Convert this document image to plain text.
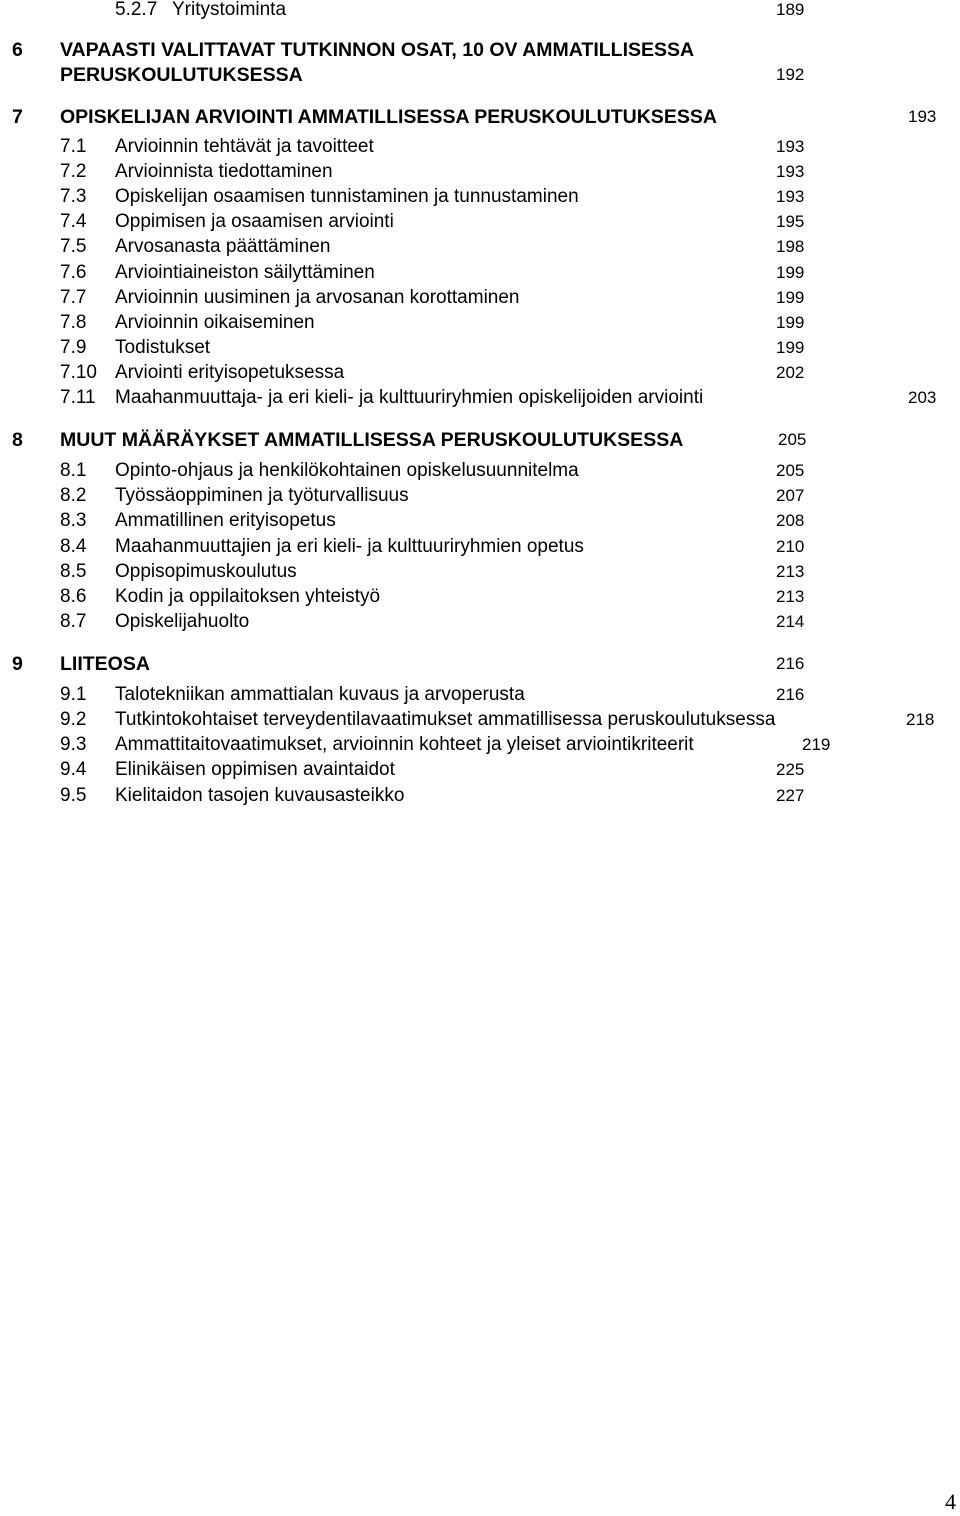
5.2.7 Yritystoiminta	189
6 VAPAASTI VALITTAVAT TUTKINNON OSAT, 10 OV AMMATILLISESSA
PERUSKOULUTUKSESSA	192
7 OPISKELIJAN ARVIOINTI AMMATILLISESSA PERUSKOULUTUKSESSA	193
7.1 Arvioinnin tehtävät ja tavoitteet	193
7.2 Arvioinnista tiedottaminen	193
7.3 Opiskelijan osaamisen tunnistaminen ja tunnustaminen	193
7.4 Oppimisen ja osaamisen arviointi	195
7.5 Arvosanasta päättäminen	198
7.6 Arviointiaineiston säilyttäminen	199
7.7 Arvioinnin uusiminen ja arvosanan korottaminen	199
7.8 Arvioinnin oikaiseminen	199
7.9 Todistukset	199
7.10 Arviointi erityisopetuksessa	202
7.11 Maahanmuuttaja- ja eri kieli- ja kulttuuriryhmien opiskelijoiden arviointi	203
8 MUUT MÄÄRÄYKSET AMMATILLISESSA PERUSKOULUTUKSESSA	205
8.1 Opinto-ohjaus ja henkilökohtainen opiskelusuunnitelma	205
8.2 Työssäoppiminen ja työturvallisuus	207
8.3 Ammatillinen erityisopetus	208
8.4 Maahanmuuttajien ja eri kieli- ja kulttuuriryhmien opetus	210
8.5 Oppisopimuskoulutus	213
8.6 Kodin ja oppilaitoksen yhteistyö	213
8.7 Opiskelijahuolto	214
9 LIITEOSA	216
9.1 Talotekniikan ammattialan kuvaus ja arvoperusta	216
9.2 Tutkintokohtaiset terveydentilavaatimukset ammatillisessa peruskoulutuksessa	218
9.3 Ammattitaitovaatimukset, arvioinnin kohteet ja yleiset arviointikriteerit	219
9.4 Elinikäisen oppimisen avaintaidot	225
9.5 Kielitaidon tasojen kuvausasteikko	227
4
